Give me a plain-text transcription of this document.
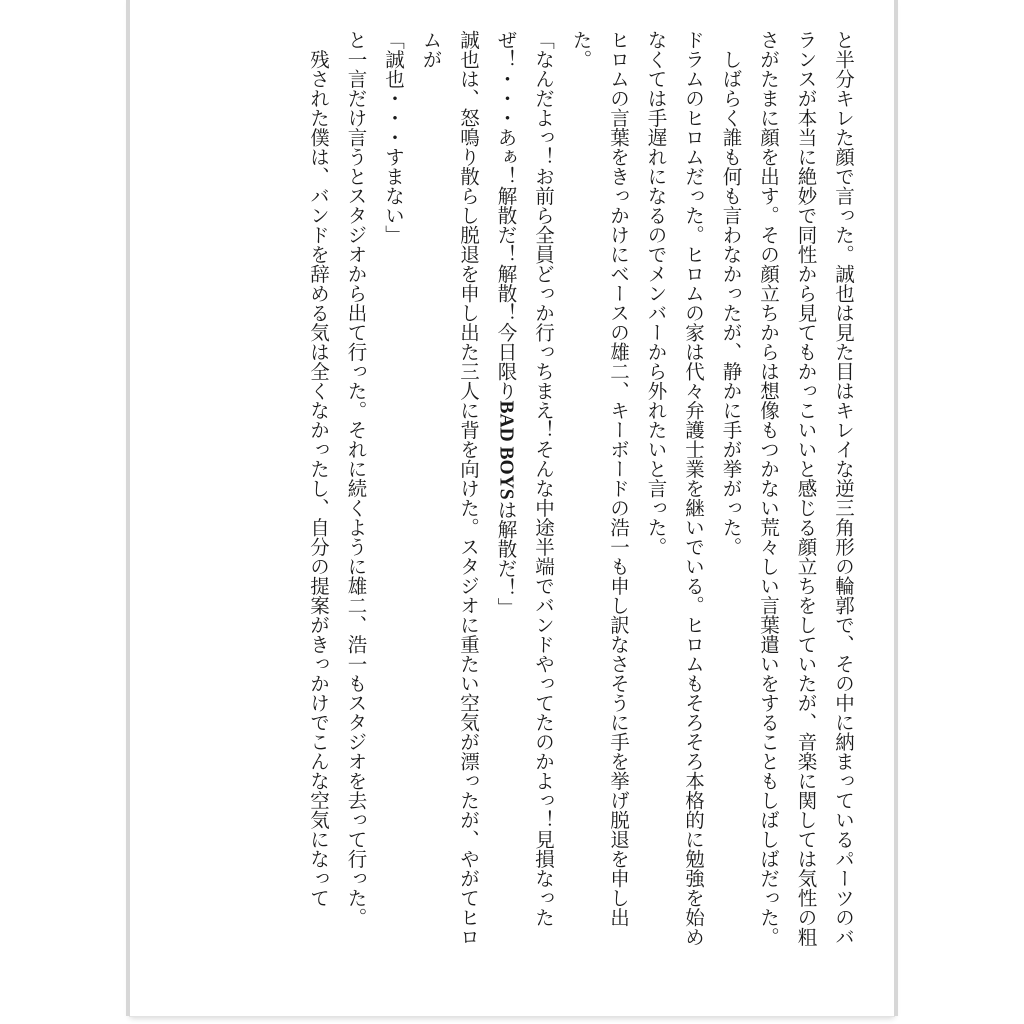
と半分キレた顔で言った。誠也は見た目はキレイな逆三角形の輪郭で、その中に納まっているパーツのバランスが本当に絶妙で同性から見てもかっこいいと感じる顔立ちをしていたが、音楽に関しては気性の粗さがたまに顔を出す。その顔立ちからは想像もつかない荒々しい言葉遣いをすることもしばしばだった。

　しばらく誰も何も言わなかったが、静かに手が挙がった。

ドラムのヒロムだった。ヒロムの家は代々弁護士業を継いでいる。ヒロムもそろそろ本格的に勉強を始めなくては手遅れになるのでメンバーから外れたいと言った。

ヒロムの言葉をきっかけにベースの雄二、キーボードの浩一も申し訳なさそうに手を挙げ脱退を申し出た。

「なんだよっ！お前ら全員どっか行っちまえ！そんな中途半端でバンドやってたのかよっ！見損なったぜ！・・・あぁ！解散だ！解散！今日限りBAD BOYSは解散だ！」

誠也は、怒鳴り散らし脱退を申し出た三人に背を向けた。スタジオに重たい空気が漂ったが、やがてヒロムが

「誠也・・・すまない」

と一言だけ言うとスタジオから出て行った。それに続くように雄二、浩一もスタジオを去って行った。

　残された僕は、バンドを辞める気は全くなかったし、自分の提案がきっかけでこんな空気になって
